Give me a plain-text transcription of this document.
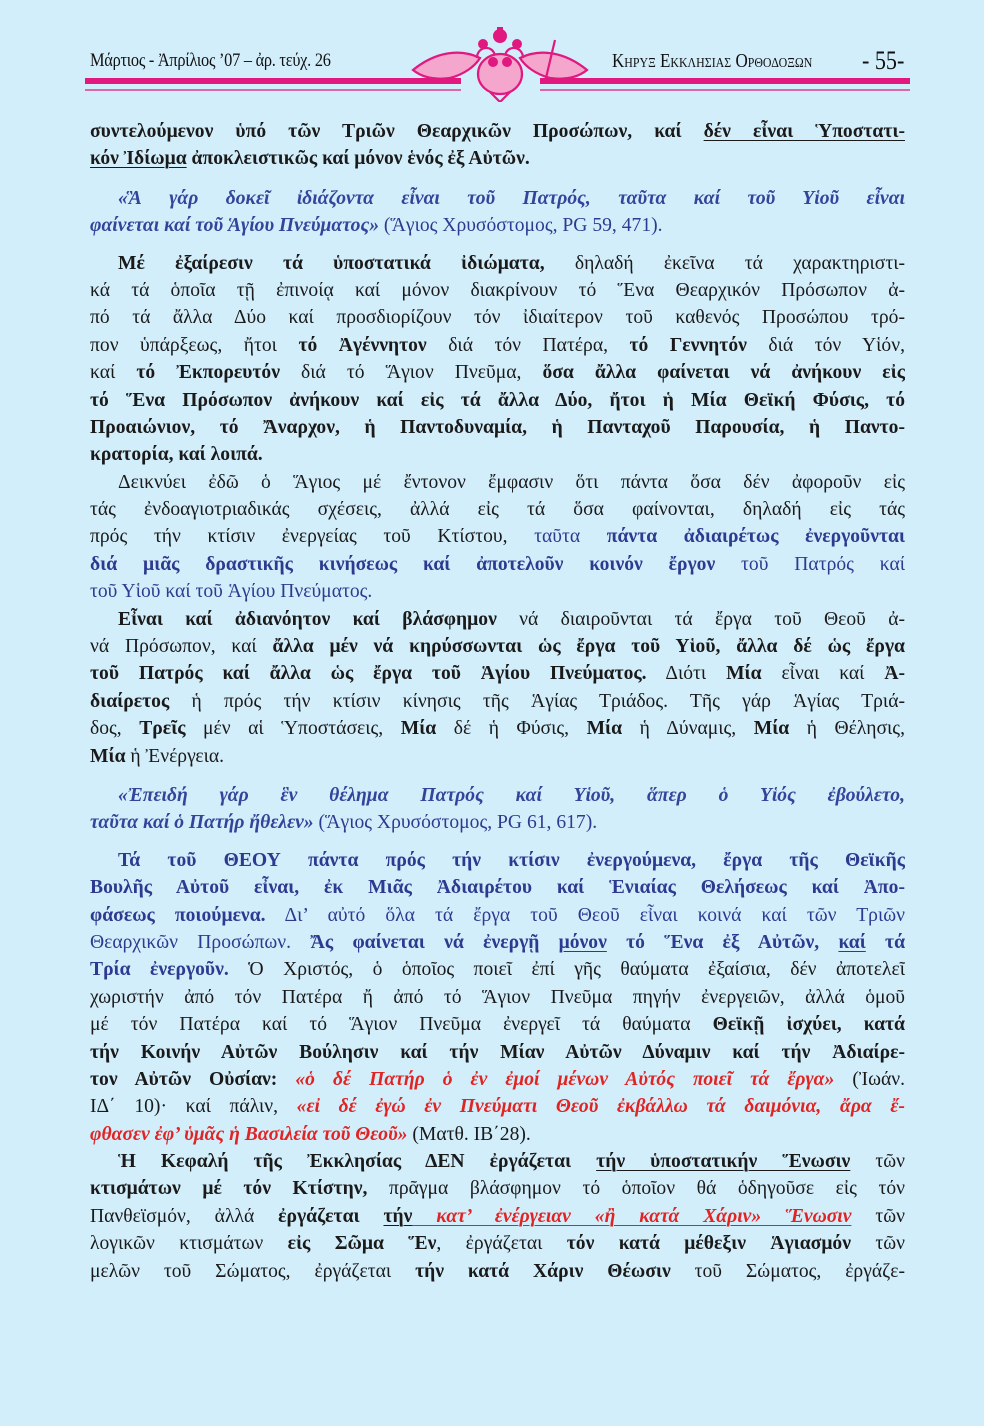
Μάρτιος - Ἀπρίλιος ’07 – ἀρ. τεύχ. 26	Κηρυξ Εκκλησιας Ορθοδοξων - 55-
συντελούμενον ὑπό τῶν Τριῶν Θεαρχικῶν Προσώπων, καί δέν εἶναι Ὑποστατι-
κόν Ἰδίωμα ἀποκλειστικῶς καί μόνον ἑνός ἐξ Αὐτῶν.
«Ἃ γάρ δοκεῖ ἰδιάζοντα εἶναι τοῦ Πατρός, ταῦτα καί τοῦ Υἱοῦ εἶναι
φαίνεται καί τοῦ Ἁγίου Πνεύματος» (Ἅγιος Χρυσόστομος, PG 59, 471).
Μέ ἐξαίρεσιν τά ὑποστατικά ἰδιώματα, δηλαδή ἐκεῖνα τά χαρακτηριστι-
κά τά ὁποῖα τῇ ἐπινοίᾳ καί μόνον διακρίνουν τό Ἕνα Θεαρχικόν Πρόσωπον ἀ-
πό τά ἄλλα Δύο καί προσδιορίζουν τόν ἰδιαίτερον τοῦ καθενός Προσώπου τρό-
πον ὑπάρξεως, ἤτοι τό Ἀγέννητον διά τόν Πατέρα, τό Γεννητόν διά τόν Υἱόν,
καί τό Ἐκπορευτόν διά τό Ἅγιον Πνεῦμα, ὅσα ἄλλα φαίνεται νά ἀνήκουν εἰς
τό Ἕνα Πρόσωπον ἀνήκουν καί εἰς τά ἄλλα Δύο, ἤτοι ἡ Μία Θεϊκή Φύσις, τό
Προαιώνιον, τό Ἄναρχον, ἡ Παντοδυναμία, ἡ Πανταχοῦ Παρουσία, ἡ Παντο-
κρατορία, καί λοιπά.
Δεικνύει ἐδῶ ὁ Ἅγιος μέ ἔντονον ἔμφασιν ὅτι πάντα ὅσα δέν ἀφοροῦν εἰς
τάς ἐνδοαγιοτριαδικάς σχέσεις, ἀλλά εἰς τά ὅσα φαίνονται, δηλαδή εἰς τάς
πρός τήν κτίσιν ἐνεργείας τοῦ Κτίστου, ταῦτα πάντα ἀδιαιρέτως ἐνεργοῦνται
διά μιᾶς δραστικῆς κινήσεως καί ἀποτελοῦν κοινόν ἔργον τοῦ Πατρός καί
τοῦ Υἱοῦ καί τοῦ Ἁγίου Πνεύματος.
Εἶναι καί ἀδιανόητον καί βλάσφημον νά διαιροῦνται τά ἔργα τοῦ Θεοῦ ἀ-
νά Πρόσωπον, καί ἄλλα μέν νά κηρύσσωνται ὡς ἔργα τοῦ Υἱοῦ, ἄλλα δέ ὡς ἔργα
τοῦ Πατρός καί ἄλλα ὡς ἔργα τοῦ Ἁγίου Πνεύματος. Διότι Μία εἶναι καί Ἀ-
διαίρετος ἡ πρός τήν κτίσιν κίνησις τῆς Ἁγίας Τριάδος. Τῆς γάρ Ἁγίας Τριά-
δος, Τρεῖς μέν αἱ Ὑποστάσεις, Μία δέ ἡ Φύσις, Μία ἡ Δύναμις, Μία ἡ Θέλησις,
Μία ἡ Ἐνέργεια.
«Ἐπειδή γάρ ἓν θέλημα Πατρός καί Υἱοῦ, ἅπερ ὁ Υἱός ἐβούλετο,
ταῦτα καί ὁ Πατήρ ἤθελεν» (Ἅγιος Χρυσόστομος, PG 61, 617).
Τά τοῦ ΘΕΟΥ πάντα πρός τήν κτίσιν ἐνεργούμενα, ἔργα τῆς Θεϊκῆς
Βουλῆς Αὐτοῦ εἶναι, ἐκ Μιᾶς Ἀδιαιρέτου καί Ἑνιαίας Θελήσεως καί Ἀπο-
φάσεως ποιούμενα. Δι’ αὐτό ὅλα τά ἔργα τοῦ Θεοῦ εἶναι κοινά καί τῶν Τριῶν
Θεαρχικῶν Προσώπων. Ἄς φαίνεται νά ἐνεργῇ μόνον τό Ἕνα ἐξ Αὐτῶν, καί τά
Τρία ἐνεργοῦν. Ὁ Χριστός, ὁ ὁποῖος ποιεῖ ἐπί γῆς θαύματα ἐξαίσια, δέν ἀποτελεῖ
χωριστήν ἀπό τόν Πατέρα ἤ ἀπό τό Ἅγιον Πνεῦμα πηγήν ἐνεργειῶν, ἀλλά ὁμοῦ
μέ τόν Πατέρα καί τό Ἅγιον Πνεῦμα ἐνεργεῖ τά θαύματα Θεϊκῇ ἰσχύει, κατά
τήν Κοινήν Αὐτῶν Βούλησιν καί τήν Μίαν Αὐτῶν Δύναμιν καί τήν Ἀδιαίρε-
τον Αὐτῶν Οὐσίαν: «ὁ δέ Πατήρ ὁ ἐν ἐμοί μένων Αὐτός ποιεῖ τά ἔργα» (Ἰωάν.
ΙΔ΄ 10)· καί πάλιν, «εἰ δέ ἐγώ ἐν Πνεύματι Θεοῦ ἐκβάλλω τά δαιμόνια, ἄρα ἔ-
φθασεν ἐφ’ ὑμᾶς ἡ Βασιλεία τοῦ Θεοῦ» (Ματθ. ΙΒ΄28).
Ἡ Κεφαλή τῆς Ἐκκλησίας ΔΕΝ ἐργάζεται τήν ὑποστατικήν Ἕνωσιν τῶν
κτισμάτων μέ τόν Κτίστην, πρᾶγμα βλάσφημον τό ὁποῖον θά ὁδηγοῦσε εἰς τόν
Πανθεϊσμόν, ἀλλά ἐργάζεται τήν κατ’ ἐνέργειαν «ἢ κατά Χάριν» Ἕνωσιν τῶν
λογικῶν κτισμάτων εἰς Σῶμα Ἕν, ἐργάζεται τόν κατά μέθεξιν Ἁγιασμόν τῶν
μελῶν τοῦ Σώματος, ἐργάζεται τήν κατά Χάριν Θέωσιν τοῦ Σώματος, ἐργάζε-
